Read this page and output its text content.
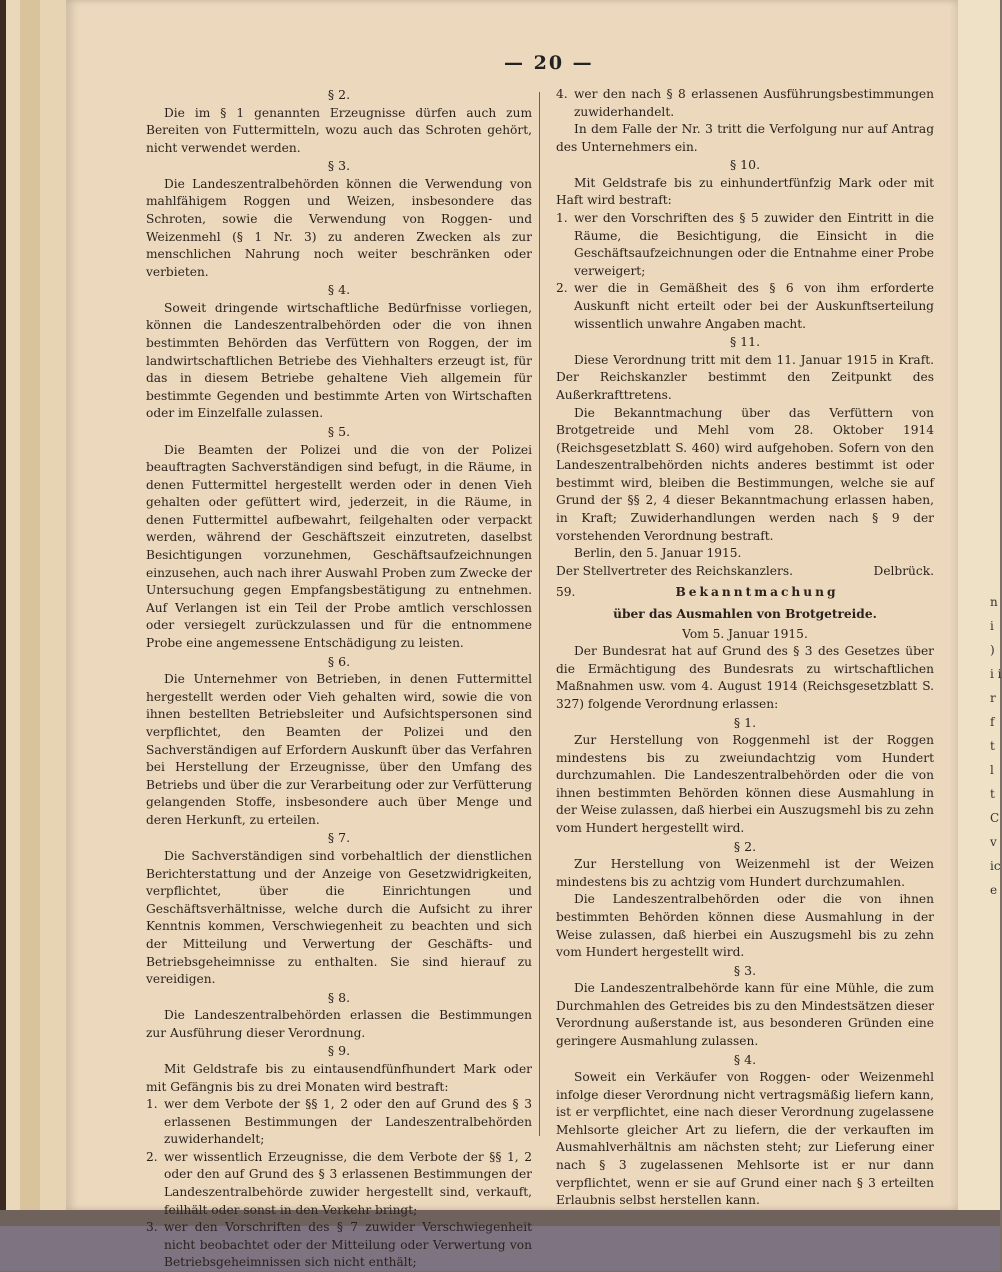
n i ) i i r f t l t C v ic e
— 20 —
§ 2.

Die im § 1 genannten Erzeugnisse dürfen auch zum Bereiten von Futtermitteln, wozu auch das Schroten gehört, nicht verwendet werden.

§ 3.

Die Landeszentralbehörden können die Verwendung von mahlfähigem Roggen und Weizen, insbesondere das Schroten, sowie die Verwendung von Roggen- und Weizenmehl (§ 1 Nr. 3) zu anderen Zwecken als zur menschlichen Nahrung noch weiter beschränken oder verbieten.

§ 4.

Soweit dringende wirtschaftliche Bedürfnisse vorliegen, können die Landeszentralbehörden oder die von ihnen bestimmten Behörden das Verfüttern von Roggen, der im landwirtschaftlichen Betriebe des Viehhalters erzeugt ist, für das in diesem Betriebe gehaltene Vieh allgemein für bestimmte Gegenden und bestimmte Arten von Wirtschaften oder im Einzelfalle zulassen.

§ 5.

Die Beamten der Polizei und die von der Polizei beauftragten Sachverständigen sind befugt, in die Räume, in denen Futtermittel hergestellt werden oder in denen Vieh gehalten oder gefüttert wird, jederzeit, in die Räume, in denen Futtermittel aufbewahrt, feilgehalten oder verpackt werden, während der Geschäftszeit einzutreten, daselbst Besichtigungen vorzunehmen, Geschäftsaufzeichnungen einzusehen, auch nach ihrer Auswahl Proben zum Zwecke der Untersuchung gegen Empfangsbestätigung zu entnehmen. Auf Verlangen ist ein Teil der Probe amtlich verschlossen oder versiegelt zurückzulassen und für die entnommene Probe eine angemessene Entschädigung zu leisten.

§ 6.

Die Unternehmer von Betrieben, in denen Futtermittel hergestellt werden oder Vieh gehalten wird, sowie die von ihnen bestellten Betriebsleiter und Aufsichtspersonen sind verpflichtet, den Beamten der Polizei und den Sachverständigen auf Erfordern Auskunft über das Verfahren bei Herstellung der Erzeugnisse, über den Umfang des Betriebs und über die zur Verarbeitung oder zur Verfütterung gelangenden Stoffe, insbesondere auch über Menge und deren Herkunft, zu erteilen.

§ 7.

Die Sachverständigen sind vorbehaltlich der dienstlichen Berichterstattung und der Anzeige von Gesetzwidrigkeiten, verpflichtet, über die Einrichtungen und Geschäftsverhältnisse, welche durch die Aufsicht zu ihrer Kenntnis kommen, Verschwiegenheit zu beachten und sich der Mitteilung und Verwertung der Geschäfts- und Betriebsgeheimnisse zu enthalten. Sie sind hierauf zu vereidigen.

§ 8.

Die Landeszentralbehörden erlassen die Bestimmungen zur Ausführung dieser Verordnung.

§ 9.

Mit Geldstrafe bis zu eintausendfünfhundert Mark oder mit Gefängnis bis zu drei Monaten wird bestraft:

1. wer dem Verbote der §§ 1, 2 oder den auf Grund des § 3 erlassenen Bestimmungen der Landeszentralbehörden zuwiderhandelt;
2. wer wissentlich Erzeugnisse, die dem Verbote der §§ 1, 2 oder den auf Grund des § 3 erlassenen Bestimmungen der Landeszentralbehörde zuwider hergestellt sind, verkauft, feilhält oder sonst in den Verkehr bringt;
3. wer den Vorschriften des § 7 zuwider Verschwiegenheit nicht beobachtet oder der Mitteilung oder Verwertung von Betriebsgeheimnissen sich nicht enthält;
4. wer den nach § 8 erlassenen Ausführungsbestimmungen zuwiderhandelt.

In dem Falle der Nr. 3 tritt die Verfolgung nur auf Antrag des Unternehmers ein.

§ 10.

Mit Geldstrafe bis zu einhundertfünfzig Mark oder mit Haft wird bestraft:

1. wer den Vorschriften des § 5 zuwider den Eintritt in die Räume, die Besichtigung, die Einsicht in die Geschäftsaufzeichnungen oder die Entnahme einer Probe verweigert;
2. wer die in Gemäßheit des § 6 von ihm erforderte Auskunft nicht erteilt oder bei der Auskunftserteilung wissentlich unwahre Angaben macht.
§ 11.

Diese Verordnung tritt mit dem 11. Januar 1915 in Kraft. Der Reichskanzler bestimmt den Zeitpunkt des Außerkrafttretens.

Die Bekanntmachung über das Verfüttern von Brotgetreide und Mehl vom 28. Oktober 1914 (Reichsgesetzblatt S. 460) wird aufgehoben. Sofern von den Landeszentralbehörden nichts anderes bestimmt ist oder bestimmt wird, bleiben die Bestimmungen, welche sie auf Grund der §§ 2, 4 dieser Bekanntmachung erlassen haben, in Kraft; Zuwiderhandlungen werden nach § 9 der vorstehenden Verordnung bestraft.

Berlin, den 5. Januar 1915.

Der Stellvertreter des Reichskanzlers.	Delbrück.
59.	Bekanntmachung
über das Ausmahlen von Brotgetreide.
Vom 5. Januar 1915.

Der Bundesrat hat auf Grund des § 3 des Gesetzes über die Ermächtigung des Bundesrats zu wirtschaftlichen Maßnahmen usw. vom 4. August 1914 (Reichsgesetzblatt S. 327) folgende Verordnung erlassen:

§ 1.

Zur Herstellung von Roggenmehl ist der Roggen mindestens bis zu zweiundachtzig vom Hundert durchzumahlen. Die Landeszentralbehörden oder die von ihnen bestimmten Behörden können diese Ausmahlung in der Weise zulassen, daß hierbei ein Auszugsmehl bis zu zehn vom Hundert hergestellt wird.

§ 2.

Zur Herstellung von Weizenmehl ist der Weizen mindestens bis zu achtzig vom Hundert durchzumahlen.

Die Landeszentralbehörden oder die von ihnen bestimmten Behörden können diese Ausmahlung in der Weise zulassen, daß hierbei ein Auszugsmehl bis zu zehn vom Hundert hergestellt wird.

§ 3.

Die Landeszentralbehörde kann für eine Mühle, die zum Durchmahlen des Getreides bis zu den Mindestsätzen dieser Verordnung außerstande ist, aus besonderen Gründen eine geringere Ausmahlung zulassen.

§ 4.

Soweit ein Verkäufer von Roggen- oder Weizenmehl infolge dieser Verordnung nicht vertragsmäßig liefern kann, ist er verpflichtet, eine nach dieser Verordnung zugelassene Mehlsorte gleicher Art zu liefern, die der verkauften im Ausmahlverhältnis am nächsten steht; zur Lieferung einer nach § 3 zugelassenen Mehlsorte ist er nur dann verpflichtet, wenn er sie auf Grund einer nach § 3 erteilten Erlaubnis selbst herstellen kann.
